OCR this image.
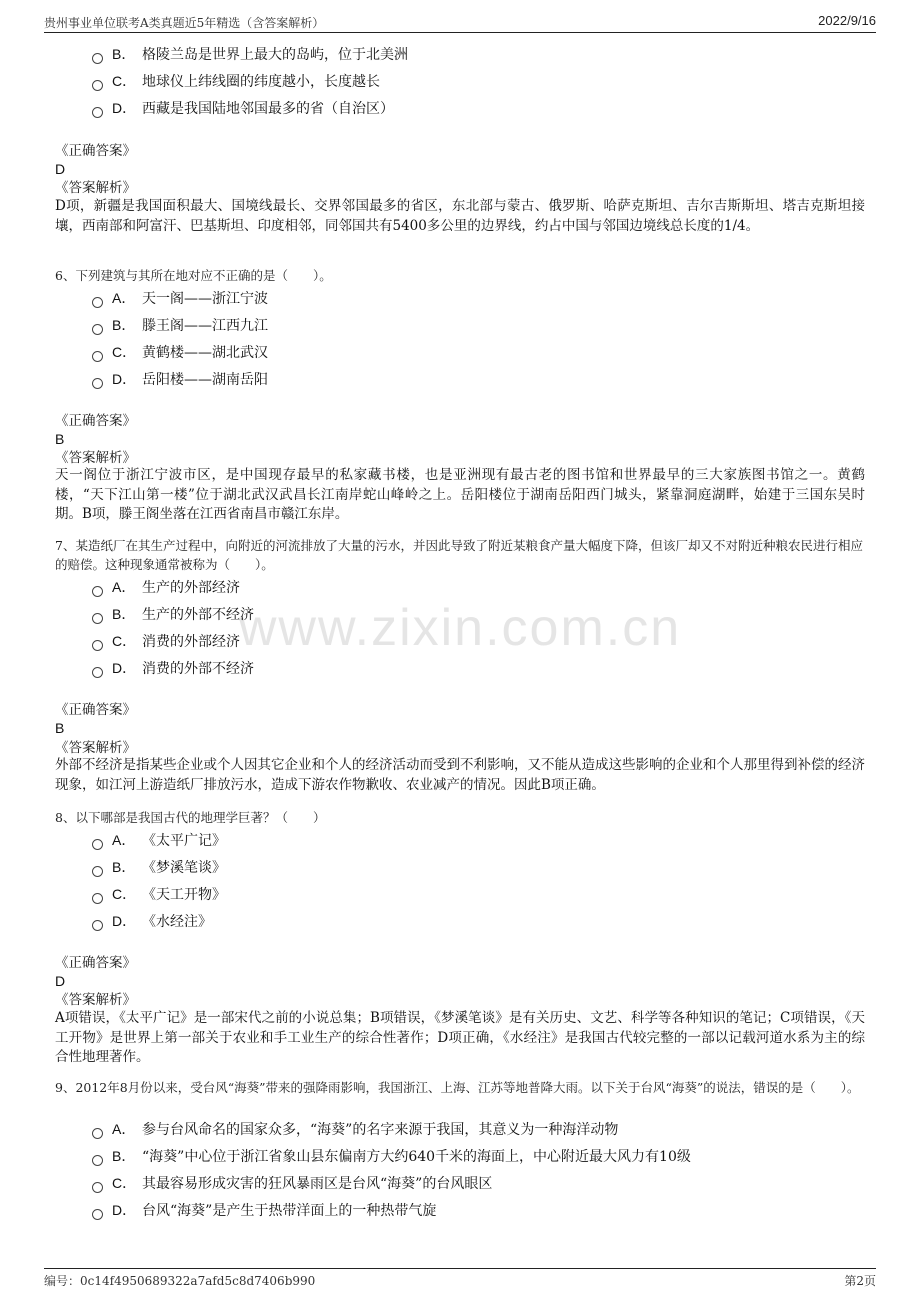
贵州事业单位联考A类真题近5年精选（含答案解析）	2022/9/16
www.zixin.com.cn
B． 格陵兰岛是世界上最大的岛屿，位于北美洲
C． 地球仪上纬线圈的纬度越小，长度越长
D． 西藏是我国陆地邻国最多的省（自治区）
《正确答案》
D
《答案解析》
D项，新疆是我国面积最大、国境线最长、交界邻国最多的省区，东北部与蒙古、俄罗斯、哈萨克斯坦、吉尔吉斯斯坦、塔吉克斯坦接壤，西南部和阿富汗、巴基斯坦、印度相邻，同邻国共有5400多公里的边界线，约占中国与邻国边境线总长度的1/4。
6、下列建筑与其所在地对应不正确的是（　　）。
A． 天一阁——浙江宁波
B． 滕王阁——江西九江
C． 黄鹤楼——湖北武汉
D． 岳阳楼——湖南岳阳
《正确答案》
B
《答案解析》
天一阁位于浙江宁波市区，是中国现存最早的私家藏书楼，也是亚洲现有最古老的图书馆和世界最早的三大家族图书馆之一。黄鹤楼，“天下江山第一楼”位于湖北武汉武昌长江南岸蛇山峰岭之上。岳阳楼位于湖南岳阳西门城头，紧靠洞庭湖畔，始建于三国东吴时期。B项，滕王阁坐落在江西省南昌市赣江东岸。
7、某造纸厂在其生产过程中，向附近的河流排放了大量的污水，并因此导致了附近某粮食产量大幅度下降，但该厂却又不对附近种粮农民进行相应的赔偿。这种现象通常被称为（　　）。
A． 生产的外部经济
B． 生产的外部不经济
C． 消费的外部经济
D． 消费的外部不经济
《正确答案》
B
《答案解析》
外部不经济是指某些企业或个人因其它企业和个人的经济活动而受到不利影响，又不能从造成这些影响的企业和个人那里得到补偿的经济现象，如江河上游造纸厂排放污水，造成下游农作物歉收、农业减产的情况。因此B项正确。
8、以下哪部是我国古代的地理学巨著？（　　）
A． 《太平广记》
B． 《梦溪笔谈》
C． 《天工开物》
D． 《水经注》
《正确答案》
D
《答案解析》
A项错误，《太平广记》是一部宋代之前的小说总集；B项错误，《梦溪笔谈》是有关历史、文艺、科学等各种知识的笔记；C项错误，《天工开物》是世界上第一部关于农业和手工业生产的综合性著作；D项正确，《水经注》是我国古代较完整的一部以记载河道水系为主的综合性地理著作。
9、2012年8月份以来，受台风“海葵”带来的强降雨影响，我国浙江、上海、江苏等地普降大雨。以下关于台风“海葵”的说法，错误的是（　　）。
A． 参与台风命名的国家众多，“海葵”的名字来源于我国，其意义为一种海洋动物
B． “海葵”中心位于浙江省象山县东偏南方大约640千米的海面上，中心附近最大风力有10级
C． 其最容易形成灾害的狂风暴雨区是台风“海葵”的台风眼区
D． 台风“海葵”是产生于热带洋面上的一种热带气旋
编号：0c14f4950689322a7afd5c8d7406b990	第2页
